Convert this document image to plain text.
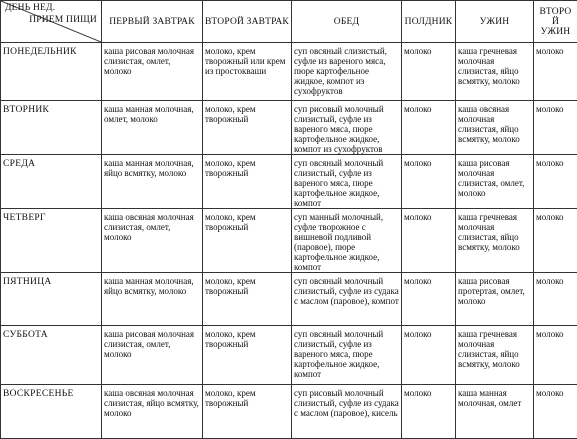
ДЕНЬ НЕД.
ПРИЕМ ПИЩИ	ПЕРВЫЙ ЗАВТРАК	ВТОРОЙ ЗАВТРАК	ОБЕД	ПОЛДНИК	УЖИН	ВТОРОЙ УЖИН
ПОНЕДЕЛЬНИК	каша рисовая молочная слизистая, омлет, молоко	молоко, крем творожный или крем из простокваши	суп овсяный слизистый, суфле из вареного мяса, пюре картофельное жидкое, компот из сухофруктов	молоко	каша гречневая молочная слизистая, яйцо всмятку, молоко	молоко
ВТОРНИК	каша манная молочная, омлет, молоко	молоко, крем творожный	суп рисовый молочный слизистый, суфле из вареного мяса, пюре картофельное жидкое, компот из сухофруктов	молоко	каша овсяная молочная слизистая, яйцо всмятку, молоко	молоко
СРЕДА	каша манная молочная, яйцо всмятку, молоко	молоко, крем творожный	суп овсяный молочный слизистый, суфле из вареного мяса, пюре картофельное жидкое, компот	молоко	каша рисовая молочная слизистая, омлет, молоко	молоко
ЧЕТВЕРГ	каша овсяная молочная слизистая, омлет, молоко	молоко, крем творожный	суп манный молочный, суфле творожное с вишневой подливой (паровое), пюре картофельное жидкое, компот	молоко	каша гречневая молочная слизистая, яйцо всмятку, молоко	молоко
ПЯТНИЦА	каша манная молочная, яйцо всмятку, молоко	молоко, крем творожный	суп овсяный молочный слизистый, суфле из судака с маслом (паровое), компот	молоко	каша рисовая протертая, омлет, молоко	молоко
СУББОТА	каша рисовая молочная слизистая, омлет, молоко	молоко, крем творожный	суп овсяный молочный слизистый, суфле из вареного мяса, пюре картофельное жидкое, компот	молоко	каша гречневая молочная слизистая, яйцо всмятку, молоко	молоко
ВОСКРЕСЕНЬЕ	каша овсяная молочная слизистая, яйцо всмятку, молоко	молоко, крем творожный	суп рисовый молочный слизистый, суфле из судака с маслом (паровое), кисель	молоко	каша манная молочная, омлет	молоко
